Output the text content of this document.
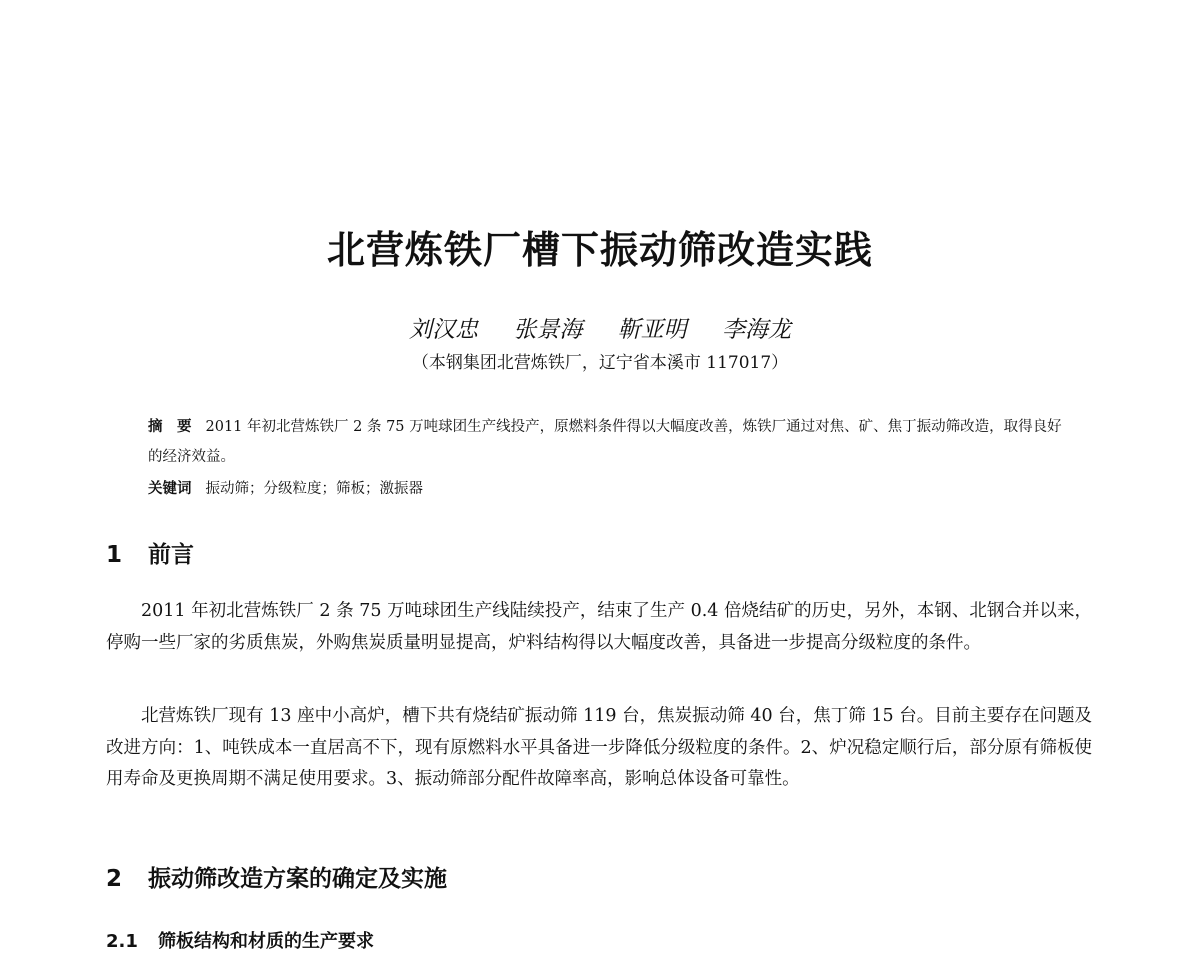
北营炼铁厂槽下振动筛改造实践
刘汉忠 张景海 靳亚明 李海龙
（本钢集团北营炼铁厂，辽宁省本溪市 117017）
摘　要 2011 年初北营炼铁厂 2 条 75 万吨球团生产线投产，原燃料条件得以大幅度改善，炼铁厂通过对焦、矿、焦丁振动筛改造，取得良好的经济效益。
关键词 振动筛；分级粒度；筛板；激振器
1 前言

2011 年初北营炼铁厂 2 条 75 万吨球团生产线陆续投产，结束了生产 0.4 倍烧结矿的历史，另外，本钢、北钢合并以来，停购一些厂家的劣质焦炭，外购焦炭质量明显提高，炉料结构得以大幅度改善，具备进一步提高分级粒度的条件。

北营炼铁厂现有 13 座中小高炉，槽下共有烧结矿振动筛 119 台，焦炭振动筛 40 台，焦丁筛 15 台。目前主要存在问题及改进方向：1、吨铁成本一直居高不下，现有原燃料水平具备进一步降低分级粒度的条件。2、炉况稳定顺行后，部分原有筛板使用寿命及更换周期不满足使用要求。3、振动筛部分配件故障率高，影响总体设备可靠性。

2 振动筛改造方案的确定及实施
2.1 筛板结构和材质的生产要求
